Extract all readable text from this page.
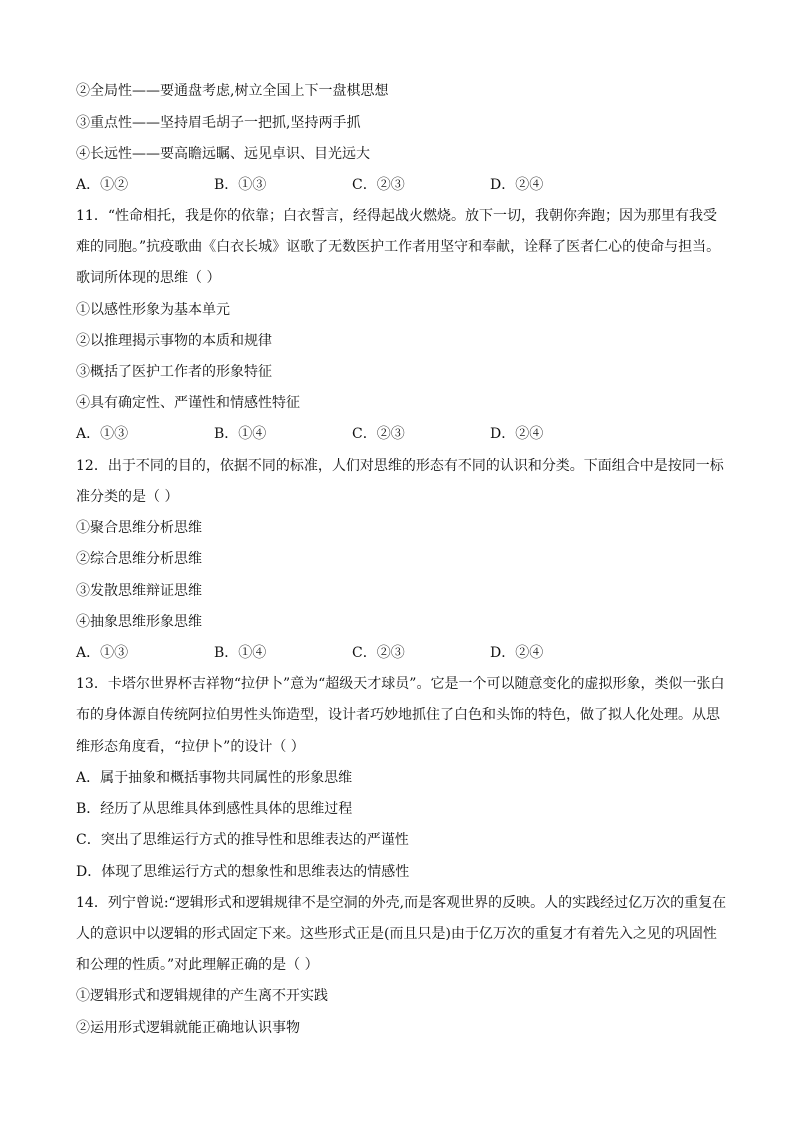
②全局性——要通盘考虑,树立全国上下一盘棋思想
③重点性——坚持眉毛胡子一把抓,坚持两手抓
④长远性——要高瞻远瞩、远见卓识、目光远大
A．①②	B．①③	C．②③	D．②④
11．“性命相托，我是你的依靠；白衣誓言，经得起战火燃烧。放下一切，我朝你奔跑；因为那里有我受
难的同胞。”抗疫歌曲《白衣长城》讴歌了无数医护工作者用坚守和奉献，诠释了医者仁心的使命与担当。
歌词所体现的思维（ ）
①以感性形象为基本单元
②以推理揭示事物的本质和规律
③概括了医护工作者的形象特征
④具有确定性、严谨性和情感性特征
A．①③	B．①④	C．②③	D．②④
12．出于不同的目的，依据不同的标准，人们对思维的形态有不同的认识和分类。下面组合中是按同一标
准分类的是（ ）
①聚合思维分析思维
②综合思维分析思维
③发散思维辩证思维
④抽象思维形象思维
A．①③	B．①④	C．②③	D．②④
13．卡塔尔世界杯吉祥物“拉伊卜”意为“超级天才球员”。它是一个可以随意变化的虚拟形象，类似一张白
布的身体源自传统阿拉伯男性头饰造型，设计者巧妙地抓住了白色和头饰的特色，做了拟人化处理。从思
维形态角度看，“拉伊卜”的设计（ ）
A．属于抽象和概括事物共同属性的形象思维
B．经历了从思维具体到感性具体的思维过程
C．突出了思维运行方式的推导性和思维表达的严谨性
D．体现了思维运行方式的想象性和思维表达的情感性
14．列宁曾说:“逻辑形式和逻辑规律不是空洞的外壳,而是客观世界的反映。人的实践经过亿万次的重复在
人的意识中以逻辑的形式固定下来。这些形式正是(而且只是)由于亿万次的重复才有着先入之见的巩固性
和公理的性质。”对此理解正确的是（ ）
①逻辑形式和逻辑规律的产生离不开实践
②运用形式逻辑就能正确地认识事物
